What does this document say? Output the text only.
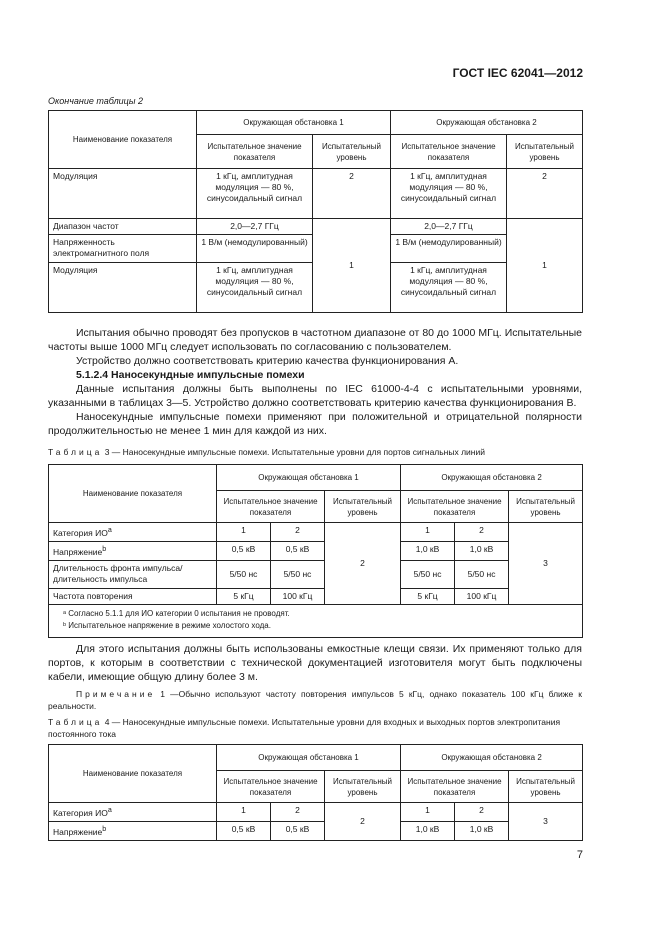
ГОСТ IEC 62041—2012
Окончание таблицы 2
Наименование показателя	Окружающая обстановка 1		Окружающая обстановка 2	
	Испытательное значение показателя	Испытательный уровень	Испытательное значение показателя	Испытательный уровень
Модуляция	1 кГц, амплитудная модуляция — 80 %, синусоидальный сигнал	2	1 кГц, амплитудная модуляция — 80 %, синусоидальный сигнал	2
Диапазон частот	2,0—2,7 ГГц	1	2,0—2,7 ГГц	1
Напряженность электромагнитного поля	1 В/м (немодулированный)		1 В/м (немодулированный)	
Модуляция	1 кГц, амплитудная модуляция — 80 %, синусоидальный сигнал		1 кГц, амплитудная модуляция — 80 %, синусоидальный сигнал	

Испытания обычно проводят без пропусков в частотном диапазоне от 80 до 1000 МГц. Испытательные частоты выше 1000 МГц следует использовать по согласованию с пользователем.

Устройство должно соответствовать критерию качества функционирования А.

5.1.2.4 Наносекундные импульсные помехи

Данные испытания должны быть выполнены по IEC 61000-4-4 с испытательными уровнями, указанными в таблицах 3—5. Устройство должно соответствовать критерию качества функционирования В.

Наносекундные импульсные помехи применяют при положительной и отрицательной полярности продолжительностью не менее 1 мин для каждой из них.

Таблица 3 — Наносекундные импульсные помехи. Испытательные уровни для портов сигнальных линий
Наименование показателя	Окружающая обстановка 1			Окружающая обстановка 2		
	Испытательное значение показателя		Испытательный уровень	Испытательное значение показателя		Испытательный уровень
Категория $ИО^a$	1	2	2	1	2	3
Напряжение$^b$	0,5 кВ	0,5 кВ		1,0 кВ	1,0 кВ	
Длительность фронта импульса/длительность импульса	5/50 нс	5/50 нс		5/50 нс	5/50 нс	
Частота повторения	5 кГц	100 кГц		5 кГц	100 кГц	

ᵃ Согласно 5.1.1 для ИО категории 0 испытания не проводят.
ᵇ Испытательное напряжение в режиме холостого хода.						

Для этого испытания должны быть использованы емкостные клещи связи. Их применяют только для портов, к которым в соответствии с технической документацией изготовителя могут быть подключены кабели, имеющие общую длину более 3 м.

Примечание 1 —Обычно используют частоту повторения импульсов 5 кГц, однако показатель 100 кГц ближе к реальности.
Таблица 4 — Наносекундные импульсные помехи. Испытательные уровни для входных и выходных портов электропитания постоянного тока
Наименование показателя	Окружающая обстановка 1			Окружающая обстановка 2		
	Испытательное значение показателя		Испытательный уровень	Испытательное значение показателя		Испытательный уровень
Категория $ИО^a$	1	2	2	1	2	3
Напряжение$^b$	0,5 кВ	0,5 кВ		1,0 кВ	1,0 кВ	
7
